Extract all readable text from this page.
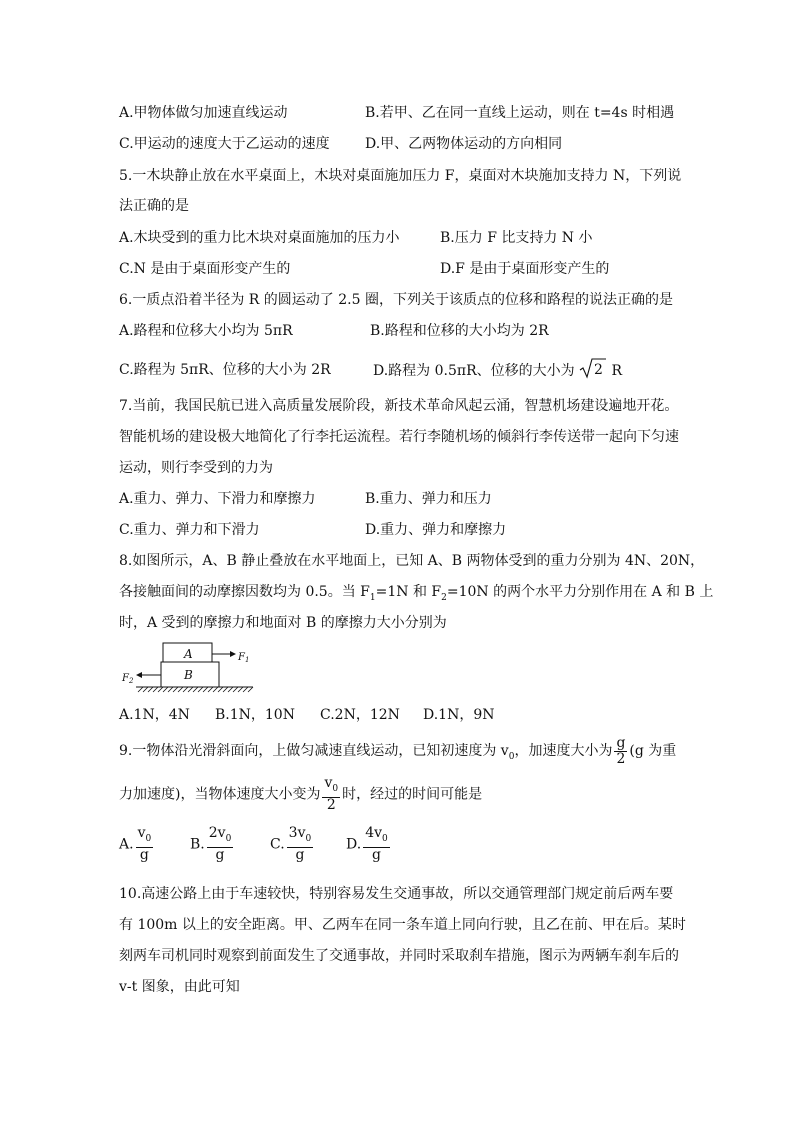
A.甲物体做匀加速直线运动	B.若甲、乙在同一直线上运动，则在 t=4s 时相遇
C.甲运动的速度大于乙运动的速度	D.甲、乙两物体运动的方向相同
5.一木块静止放在水平桌面上，木块对桌面施加压力 F，桌面对木块施加支持力 N，下列说
法正确的是
A.木块受到的重力比木块对桌面施加的压力小	B.压力 F 比支持力 N 小
C.N 是由于桌面形变产生的	D.F 是由于桌面形变产生的
6.一质点沿着半径为 R 的圆运动了 2.5 圈，下列关于该质点的位移和路程的说法正确的是
A.路程和位移大小均为 5πR	B.路程和位移的大小均为 2R
C.路程为 5πR、位移的大小为 2R	D.路程为 0.5πR、位移的大小为 2 R
7.当前，我国民航已进入高质量发展阶段，新技术革命风起云涌，智慧机场建设遍地开花。
智能机场的建设极大地简化了行李托运流程。若行李随机场的倾斜行李传送带一起向下匀速
运动，则行李受到的力为
A.重力、弹力、下滑力和摩擦力	B.重力、弹力和压力
C.重力、弹力和下滑力	D.重力、弹力和摩擦力
8.如图所示，A、B 静止叠放在水平地面上，已知 A、B 两物体受到的重力分别为 4N、20N，
各接触面间的动摩擦因数均为 0.5。当 $F_1=1N$ 和 $F_2=10N$ 的两个水平力分别作用在 A 和 B 上
时，A 受到的摩擦力和地面对 B 的摩擦力大小分别为
A
B
$F_1$
$F_2$
A.1N，4N B.1N，10N C.2N，12N D.1N，9N
9.一物体沿光滑斜面向，上做匀减速直线运动，已知初速度为 $v_0$，加速度大小为 $\frac{g}{2} (g$ 为重
力加速度)，当物体速度大小变为 $\frac{v_0}{2}$ 时，经过的时间可能是
A. $\frac{v_0}{g}$	B. $\frac{2v_0}{g}$	C. $\frac{3v_0}{g} D$. $\frac{4v_0}{g}$
10.高速公路上由于车速较快，特别容易发生交通事故，所以交通管理部门规定前后两车要
有 100m 以上的安全距离。甲、乙两车在同一条车道上同向行驶，且乙在前、甲在后。某时
刻两车司机同时观察到前面发生了交通事故，并同时采取刹车措施，图示为两辆车刹车后的
v-t 图象，由此可知
